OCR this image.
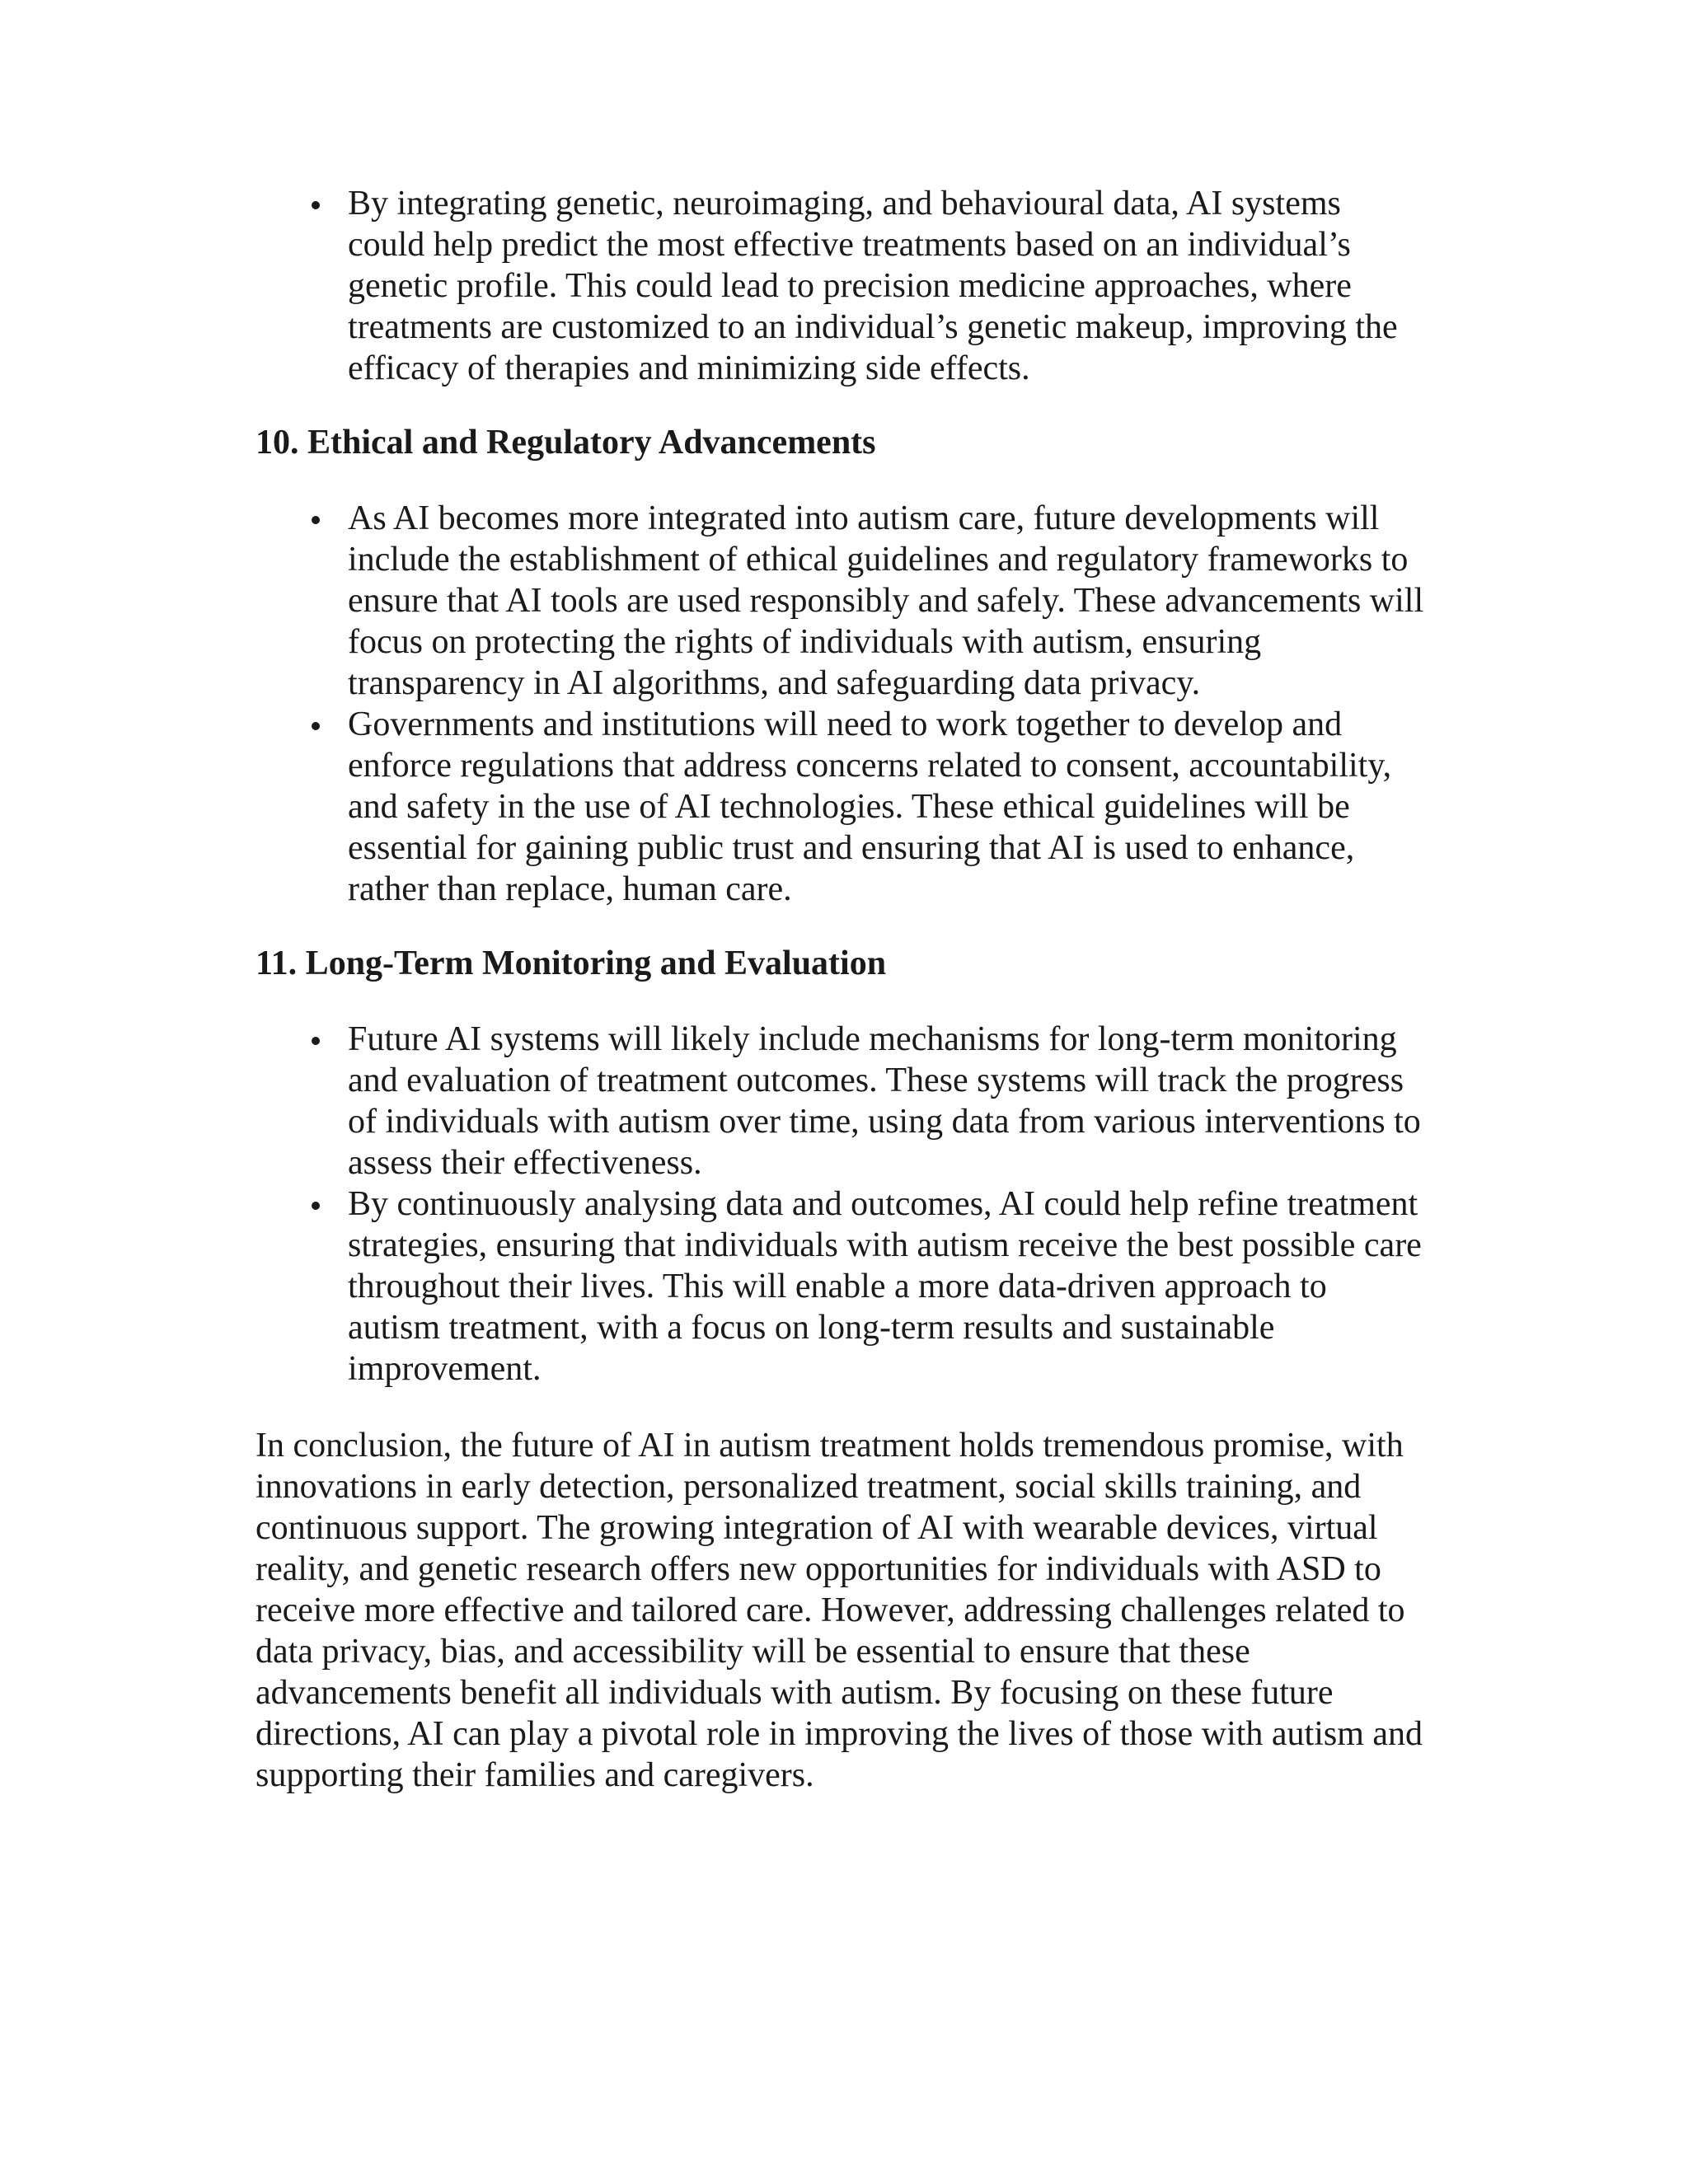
By integrating genetic, neuroimaging, and behavioural data, AI systems could help predict the most effective treatments based on an individual’s genetic profile. This could lead to precision medicine approaches, where treatments are customized to an individual’s genetic makeup, improving the efficacy of therapies and minimizing side effects.
10. Ethical and Regulatory Advancements
As AI becomes more integrated into autism care, future developments will include the establishment of ethical guidelines and regulatory frameworks to ensure that AI tools are used responsibly and safely. These advancements will focus on protecting the rights of individuals with autism, ensuring transparency in AI algorithms, and safeguarding data privacy.
Governments and institutions will need to work together to develop and enforce regulations that address concerns related to consent, accountability, and safety in the use of AI technologies. These ethical guidelines will be essential for gaining public trust and ensuring that AI is used to enhance, rather than replace, human care.
11. Long-Term Monitoring and Evaluation
Future AI systems will likely include mechanisms for long-term monitoring and evaluation of treatment outcomes. These systems will track the progress of individuals with autism over time, using data from various interventions to assess their effectiveness.
By continuously analysing data and outcomes, AI could help refine treatment strategies, ensuring that individuals with autism receive the best possible care throughout their lives. This will enable a more data-driven approach to autism treatment, with a focus on long-term results and sustainable improvement.

In conclusion, the future of AI in autism treatment holds tremendous promise, with innovations in early detection, personalized treatment, social skills training, and continuous support. The growing integration of AI with wearable devices, virtual reality, and genetic research offers new opportunities for individuals with ASD to receive more effective and tailored care. However, addressing challenges related to data privacy, bias, and accessibility will be essential to ensure that these advancements benefit all individuals with autism. By focusing on these future directions, AI can play a pivotal role in improving the lives of those with autism and supporting their families and caregivers.
